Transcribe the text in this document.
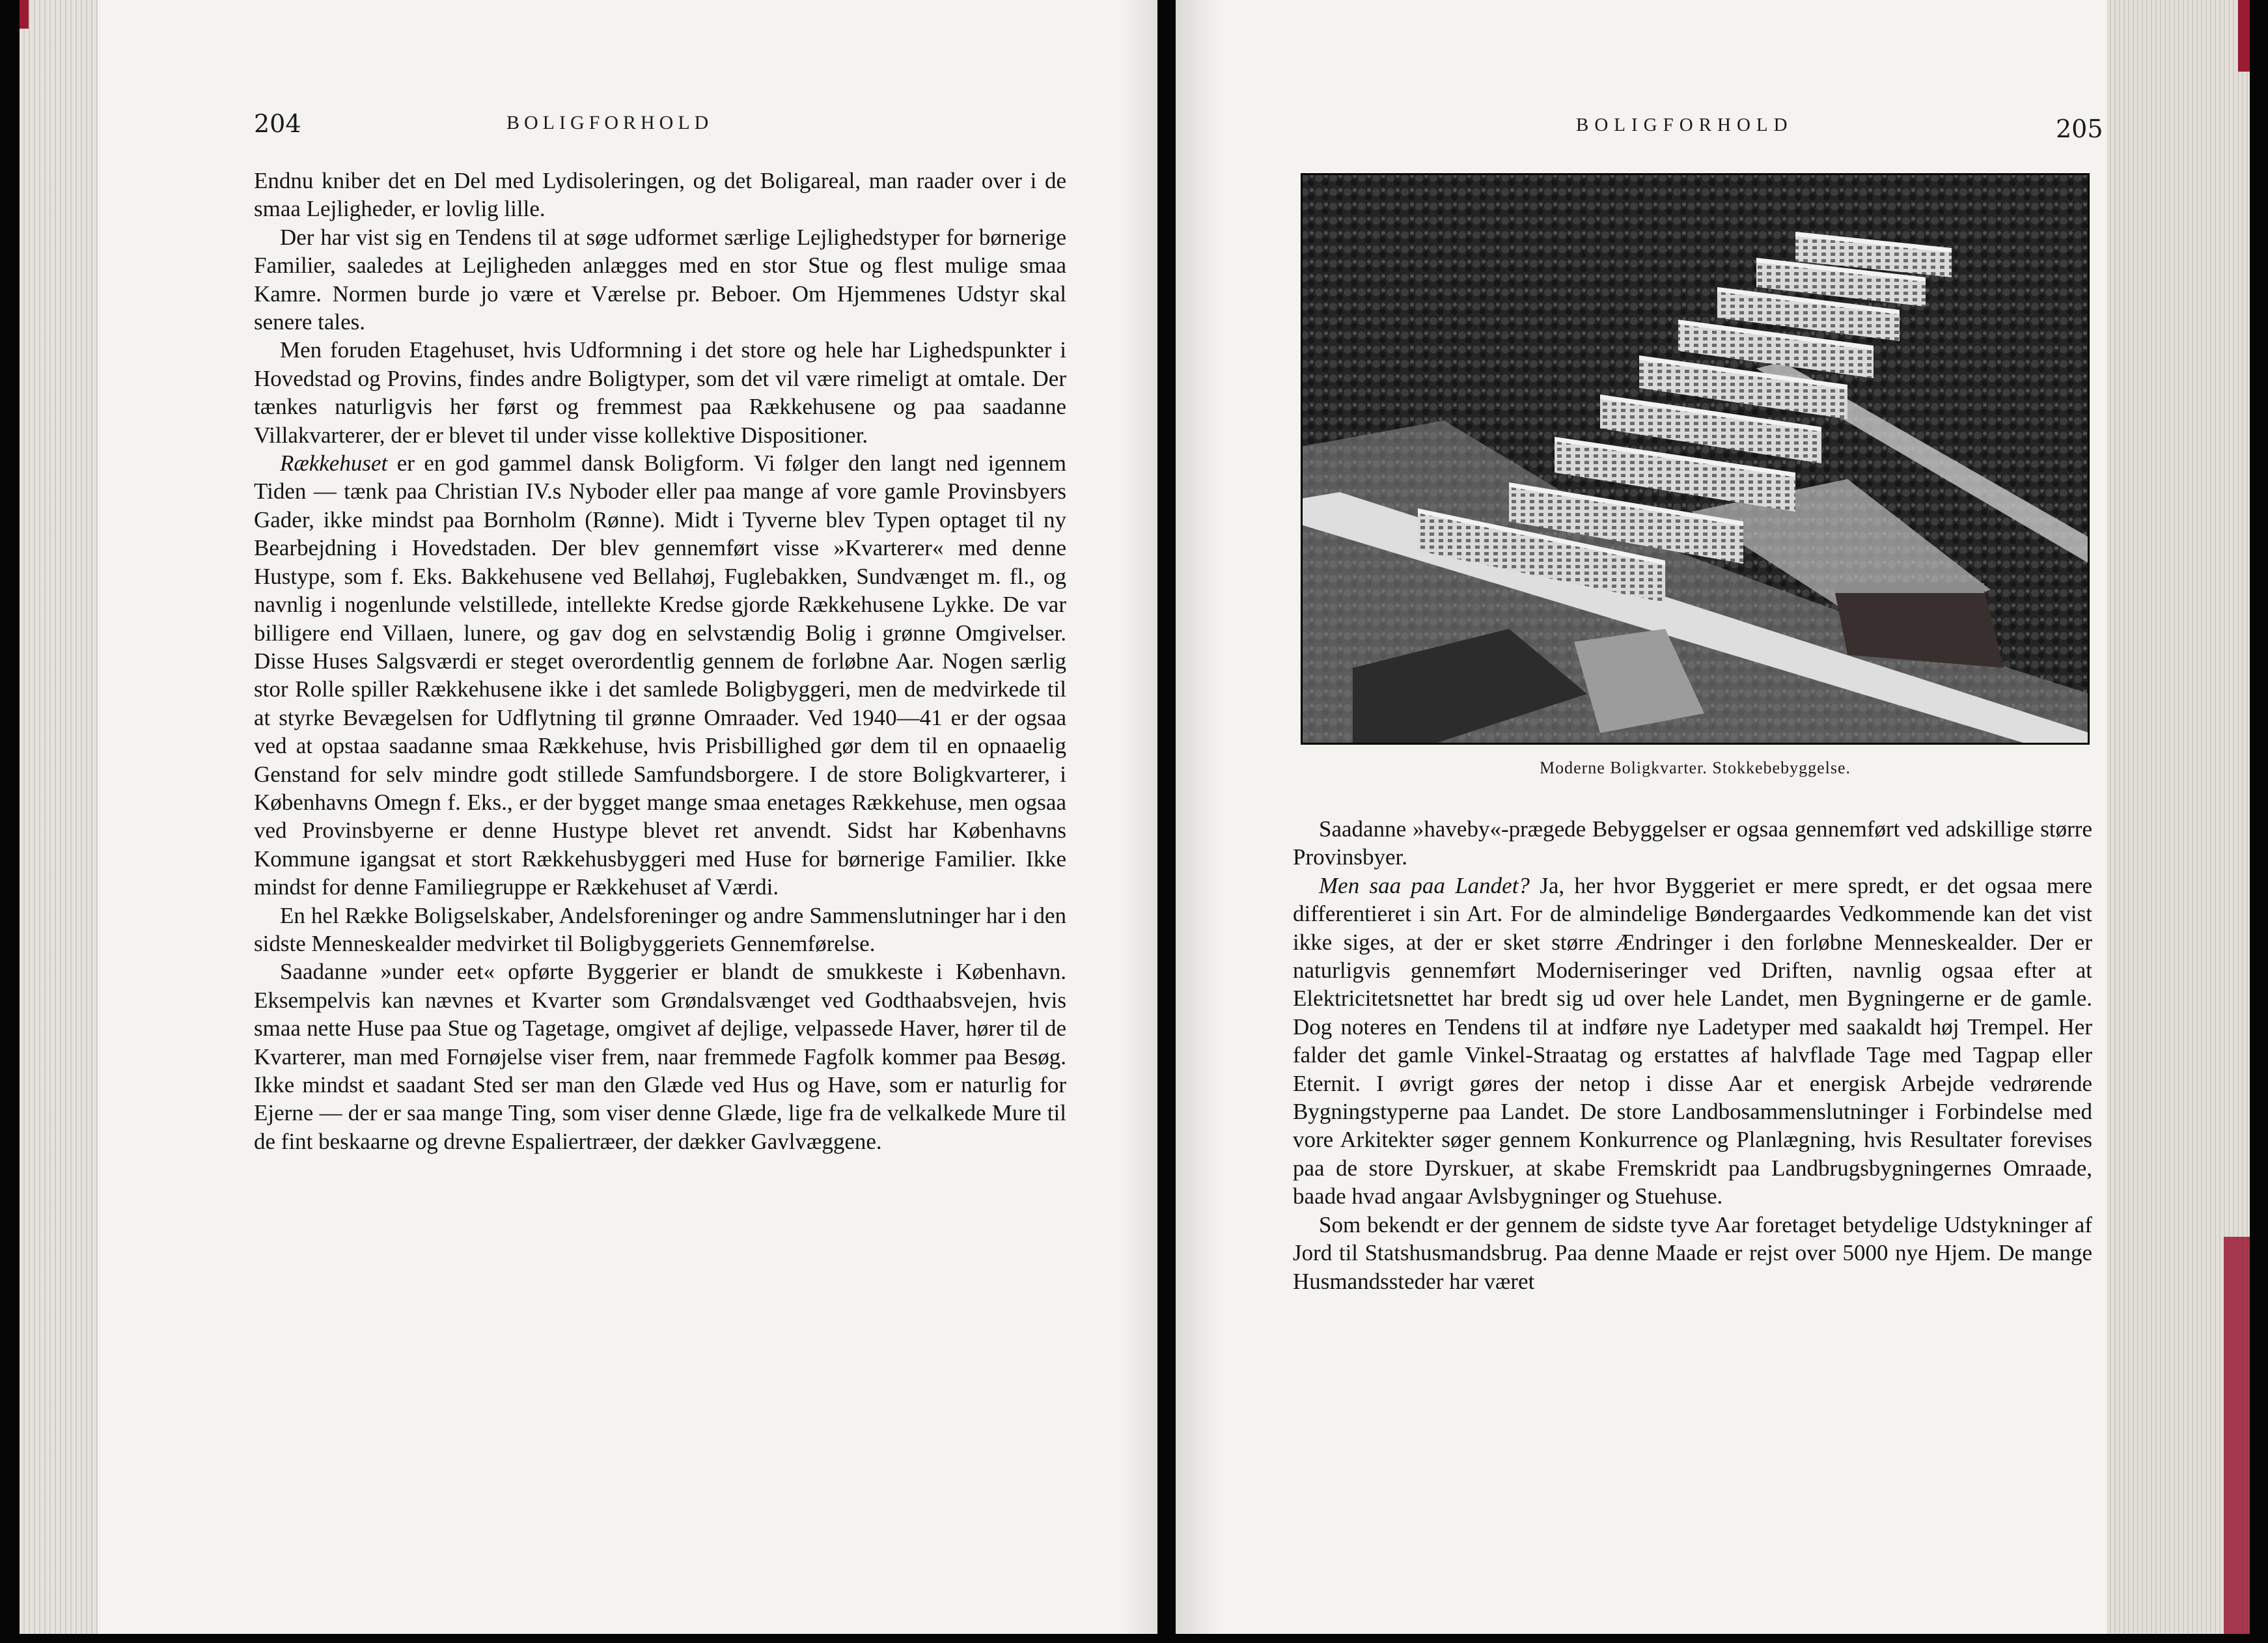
204	BOLIGFORHOLD

Endnu kniber det en Del med Lydisoleringen, og det Boligareal, man raader over i de smaa Lejligheder, er lovlig lille.

Der har vist sig en Tendens til at søge udformet særlige Lejlighedstyper for børnerige Familier, saaledes at Lejligheden anlægges med en stor Stue og flest mulige smaa Kamre. Normen burde jo være et Værelse pr. Beboer. Om Hjemmenes Udstyr skal senere tales.

Men foruden Etagehuset, hvis Udformning i det store og hele har Lighedspunkter i Hovedstad og Provins, findes andre Boligtyper, som det vil være rimeligt at omtale. Der tænkes naturligvis her først og fremmest paa Rækkehusene og paa saadanne Villakvarterer, der er blevet til under visse kollektive Dispositioner.

Rækkehuset er en god gammel dansk Boligform. Vi følger den langt ned igennem Tiden — tænk paa Christian IV.s Nyboder eller paa mange af vore gamle Provinsbyers Gader, ikke mindst paa Bornholm (Rønne). Midt i Tyverne blev Typen optaget til ny Bearbejdning i Hovedstaden. Der blev gennemført visse »Kvarterer« med denne Hustype, som f. Eks. Bakkehusene ved Bellahøj, Fuglebakken, Sundvænget m. fl., og navnlig i nogenlunde velstillede, intellekte Kredse gjorde Rækkehusene Lykke. De var billigere end Villaen, lunere, og gav dog en selvstændig Bolig i grønne Omgivelser. Disse Huses Salgsværdi er steget overordentlig gennem de forløbne Aar. Nogen særlig stor Rolle spiller Rækkehusene ikke i det samlede Boligbyggeri, men de medvirkede til at styrke Bevægelsen for Udflytning til grønne Omraader. Ved 1940—41 er der ogsaa ved at opstaa saadanne smaa Rækkehuse, hvis Prisbillighed gør dem til en opnaaelig Genstand for selv mindre godt stillede Samfundsborgere. I de store Boligkvarterer, i Københavns Omegn f. Eks., er der bygget mange smaa enetages Rækkehuse, men ogsaa ved Provinsbyerne er denne Hustype blevet ret anvendt. Sidst har Københavns Kommune igangsat et stort Rækkehusbyggeri med Huse for børnerige Familier. Ikke mindst for denne Familiegruppe er Rækkehuset af Værdi.

En hel Række Boligselskaber, Andelsforeninger og andre Sammenslutninger har i den sidste Menneskealder medvirket til Boligbyggeriets Gennemførelse.

Saadanne »under eet« opførte Byggerier er blandt de smukkeste i København. Eksempelvis kan nævnes et Kvarter som Grøndalsvænget ved Godthaabsvejen, hvis smaa nette Huse paa Stue og Tagetage, omgivet af dejlige, velpassede Haver, hører til de Kvarterer, man med Fornøjelse viser frem, naar fremmede Fagfolk kommer paa Besøg. Ikke mindst et saadant Sted ser man den Glæde ved Hus og Have, som er naturlig for Ejerne — der er saa mange Ting, som viser denne Glæde, lige fra de velkalkede Mure til de fint beskaarne og drevne Espaliertræer, der dækker Gavlvæggene.

BOLIGFORHOLD	205
Moderne Boligkvarter. Stokkebebyggelse.

Saadanne »haveby«-prægede Bebyggelser er ogsaa gennemført ved adskillige større Provinsbyer.

Men saa paa Landet? Ja, her hvor Byggeriet er mere spredt, er det ogsaa mere differentieret i sin Art. For de almindelige Bøndergaardes Vedkommende kan det vist ikke siges, at der er sket større Ændringer i den forløbne Menneskealder. Der er naturligvis gennemført Moderniseringer ved Driften, navnlig ogsaa efter at Elektricitetsnettet har bredt sig ud over hele Landet, men Bygningerne er de gamle. Dog noteres en Tendens til at indføre nye Ladetyper med saakaldt høj Trempel. Her falder det gamle Vinkel-Straatag og erstattes af halvflade Tage med Tagpap eller Eternit. I øvrigt gøres der netop i disse Aar et energisk Arbejde vedrørende Bygningstyperne paa Landet. De store Landbosammenslutninger i Forbindelse med vore Arkitekter søger gennem Konkurrence og Planlægning, hvis Resultater forevises paa de store Dyrskuer, at skabe Fremskridt paa Landbrugsbygningernes Omraade, baade hvad angaar Avlsbygninger og Stuehuse.

Som bekendt er der gennem de sidste tyve Aar foretaget betydelige Udstykninger af Jord til Statshusmandsbrug. Paa denne Maade er rejst over 5000 nye Hjem. De mange Husmandssteder har været
